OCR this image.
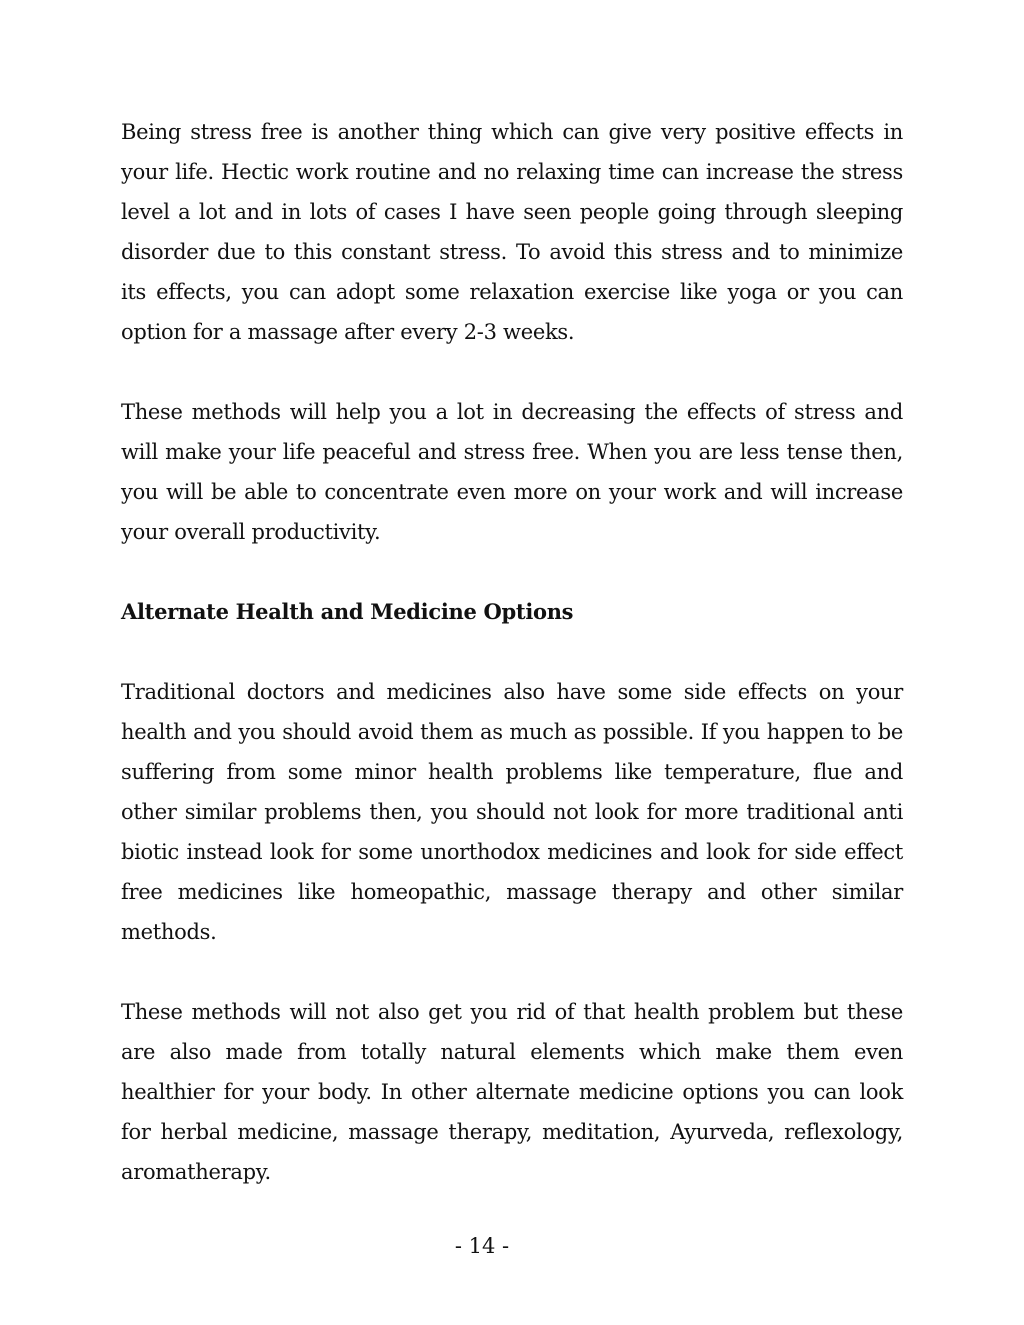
Being stress free is another thing which can give very positive effects in your life. Hectic work routine and no relaxing time can increase the stress level a lot and in lots of cases I have seen people going through sleeping disorder due to this constant stress. To avoid this stress and to minimize its effects, you can adopt some relaxation exercise like yoga or you can option for a massage after every 2-3 weeks.

These methods will help you a lot in decreasing the effects of stress and will make your life peaceful and stress free. When you are less tense then, you will be able to concentrate even more on your work and will increase your overall productivity.

Alternate Health and Medicine Options

Traditional doctors and medicines also have some side effects on your health and you should avoid them as much as possible. If you happen to be suffering from some minor health problems like temperature, flue and other similar problems then, you should not look for more traditional anti biotic instead look for some unorthodox medicines and look for side effect free medicines like homeopathic, massage therapy and other similar methods.

These methods will not also get you rid of that health problem but these are also made from totally natural elements which make them even healthier for your body. In other alternate medicine options you can look for herbal medicine, massage therapy, meditation, Ayurveda, reflexology, aromatherapy.

- 14 -
